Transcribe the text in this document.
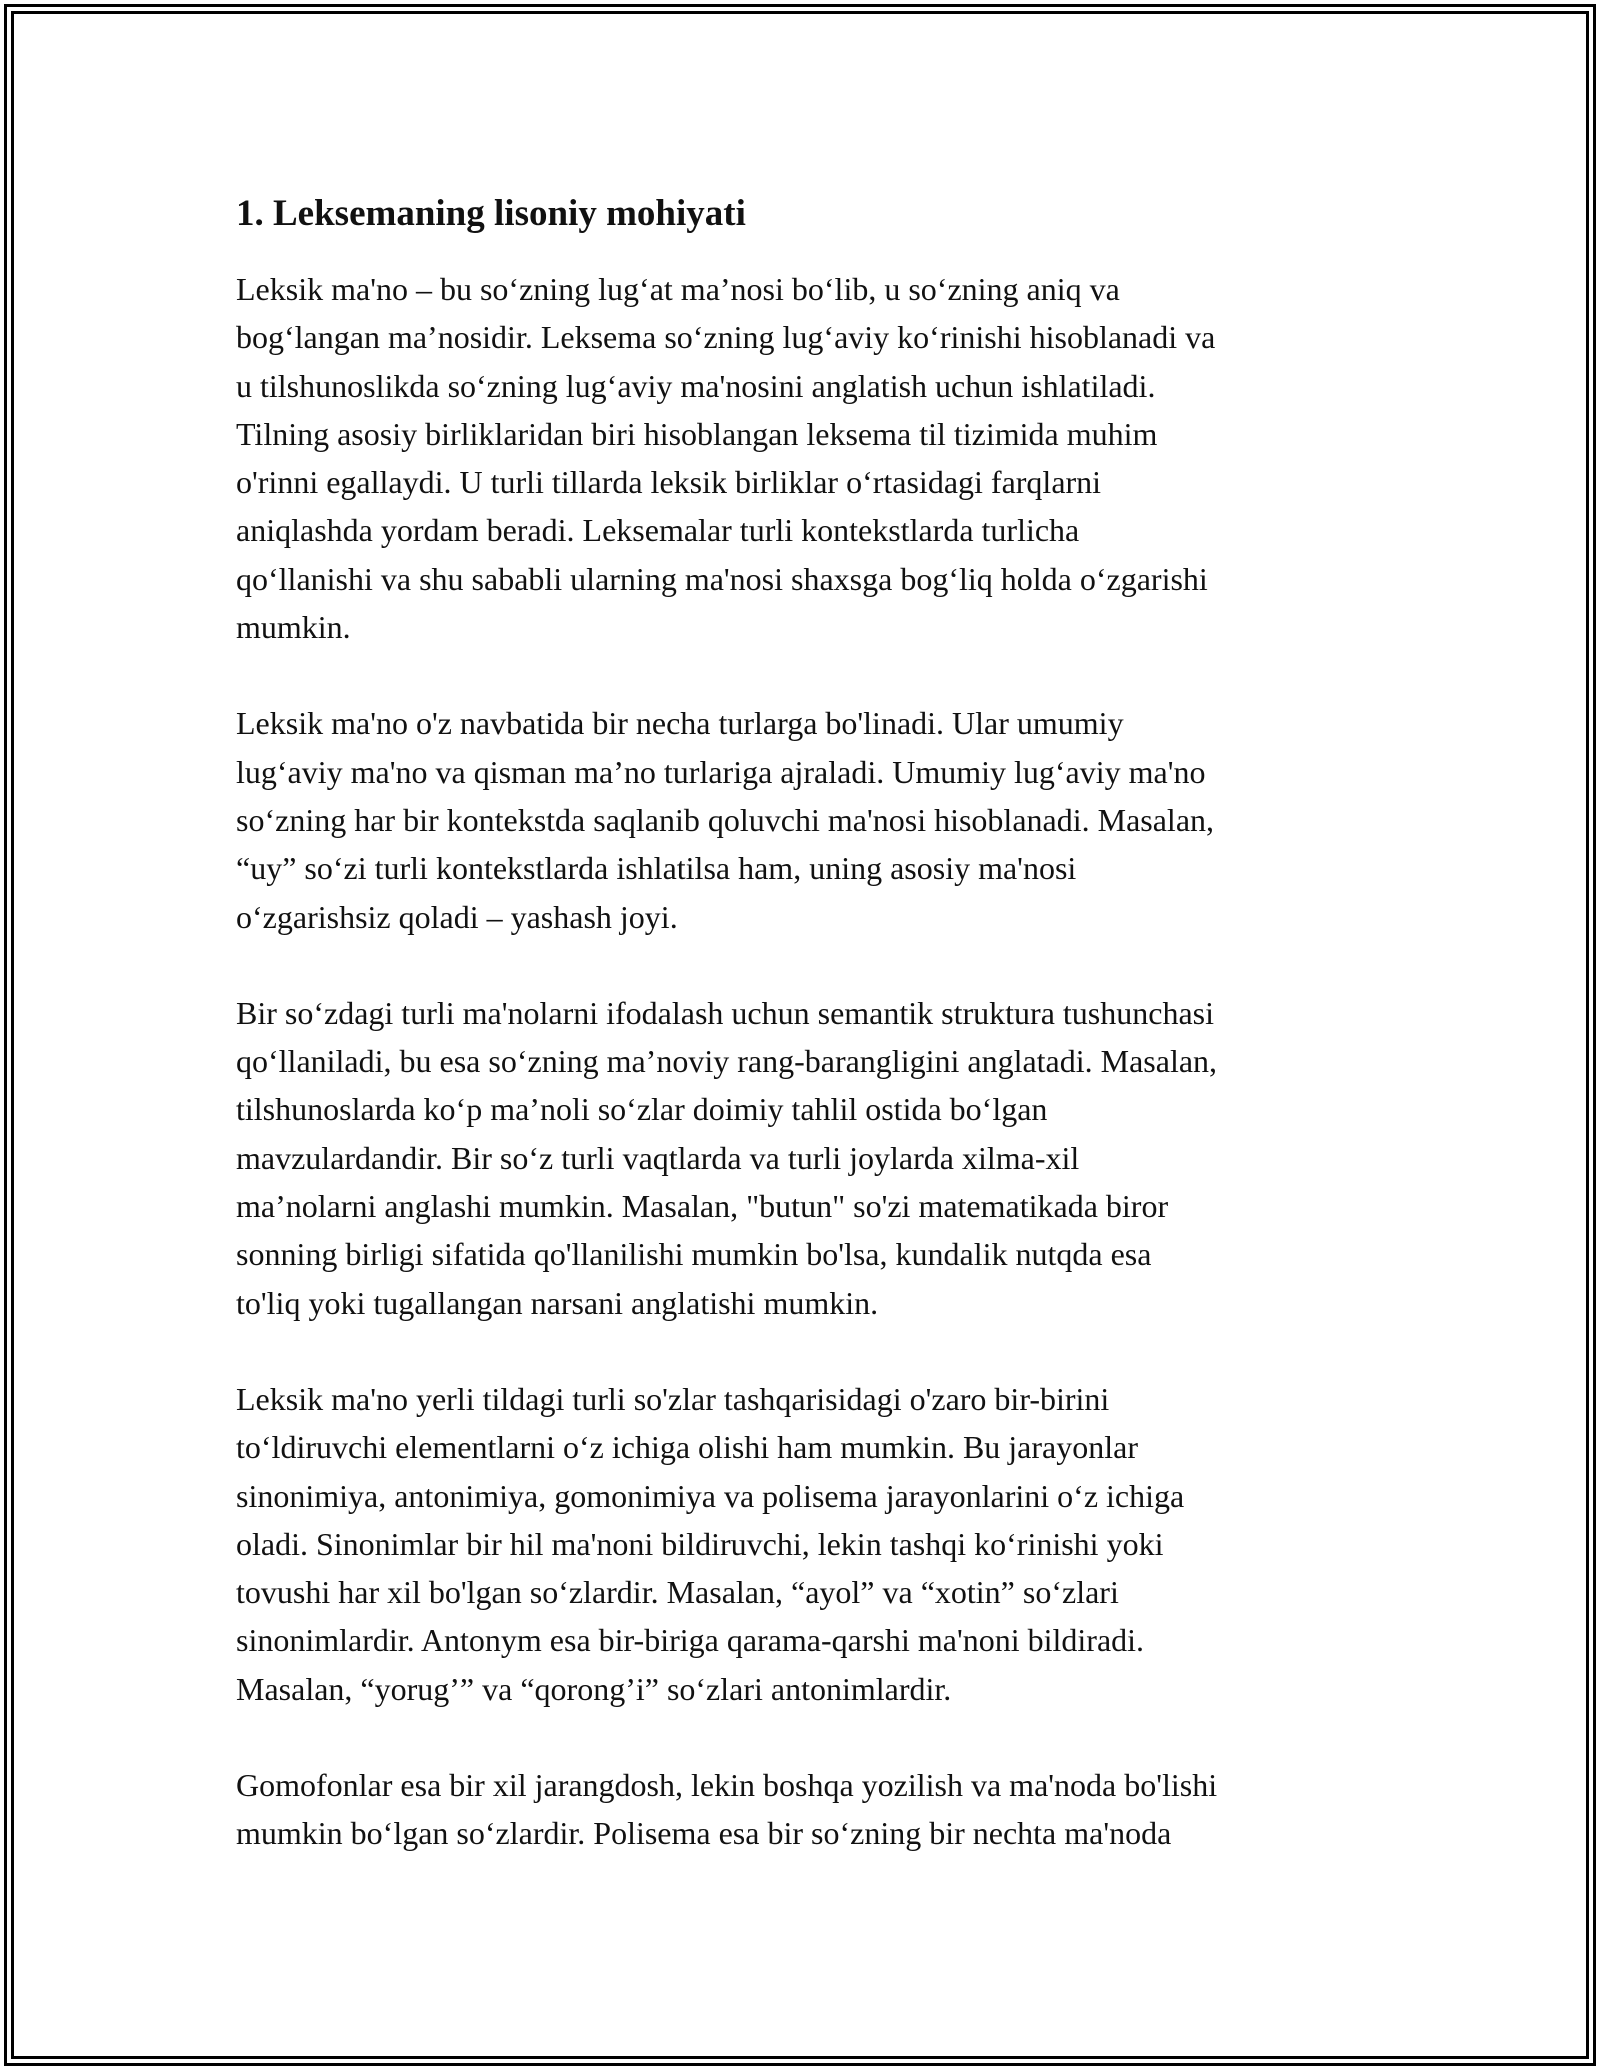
1. Leksemaning lisoniy mohiyati

Leksik ma'no – bu so‘zning lug‘at ma’nosi bo‘lib, u so‘zning aniq va
bog‘langan ma’nosidir. Leksema so‘zning lug‘aviy ko‘rinishi hisoblanadi va
u tilshunoslikda so‘zning lug‘aviy ma'nosini anglatish uchun ishlatiladi.
Tilning asosiy birliklaridan biri hisoblangan leksema til tizimida muhim
o'rinni egallaydi. U turli tillarda leksik birliklar o‘rtasidagi farqlarni
aniqlashda yordam beradi. Leksemalar turli kontekstlarda turlicha
qo‘llanishi va shu sababli ularning ma'nosi shaxsga bog‘liq holda o‘zgarishi
mumkin.

Leksik ma'no o'z navbatida bir necha turlarga bo'linadi. Ular umumiy
lug‘aviy ma'no va qisman ma’no turlariga ajraladi. Umumiy lug‘aviy ma'no
so‘zning har bir kontekstda saqlanib qoluvchi ma'nosi hisoblanadi. Masalan,
“uy” so‘zi turli kontekstlarda ishlatilsa ham, uning asosiy ma'nosi
o‘zgarishsiz qoladi – yashash joyi.

Bir so‘zdagi turli ma'nolarni ifodalash uchun semantik struktura tushunchasi
qo‘llaniladi, bu esa so‘zning ma’noviy rang-barangligini anglatadi. Masalan,
tilshunoslarda ko‘p ma’noli so‘zlar doimiy tahlil ostida bo‘lgan
mavzulardandir. Bir so‘z turli vaqtlarda va turli joylarda xilma-xil
ma’nolarni anglashi mumkin. Masalan, "butun" so'zi matematikada biror
sonning birligi sifatida qo'llanilishi mumkin bo'lsa, kundalik nutqda esa
to'liq yoki tugallangan narsani anglatishi mumkin.

Leksik ma'no yerli tildagi turli so'zlar tashqarisidagi o'zaro bir-birini
to‘ldiruvchi elementlarni o‘z ichiga olishi ham mumkin. Bu jarayonlar
sinonimiya, antonimiya, gomonimiya va polisema jarayonlarini o‘z ichiga
oladi. Sinonimlar bir hil ma'noni bildiruvchi, lekin tashqi ko‘rinishi yoki
tovushi har xil bo'lgan so‘zlardir. Masalan, “ayol” va “xotin” so‘zlari
sinonimlardir. Antonym esa bir-biriga qarama-qarshi ma'noni bildiradi.
Masalan, “yorug’” va “qorong’i” so‘zlari antonimlardir.

Gomofonlar esa bir xil jarangdosh, lekin boshqa yozilish va ma'noda bo'lishi
mumkin bo‘lgan so‘zlardir. Polisema esa bir so‘zning bir nechta ma'noda
